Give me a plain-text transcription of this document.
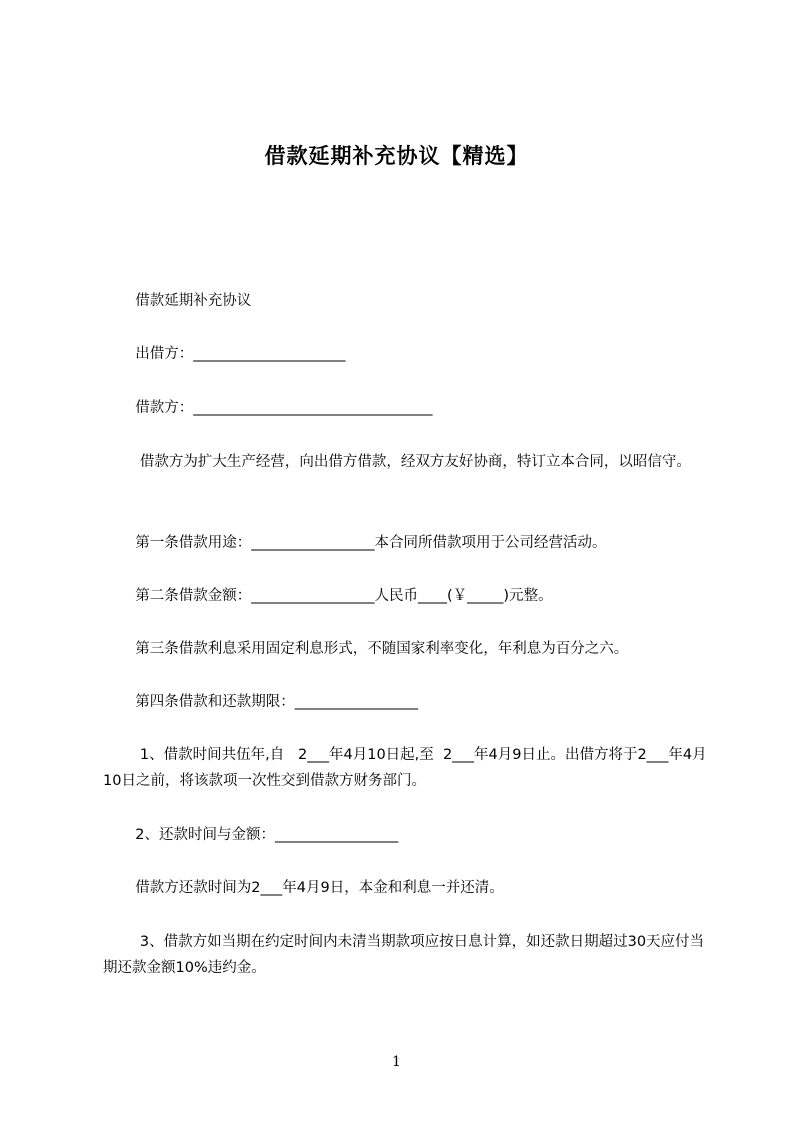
借款延期补充协议【精选】
借款延期补充协议
出借方：_____________________
借款方：_________________________________
借款方为扩大生产经营，向出借方借款，经双方友好协商，特订立本合同，以昭信守。
第一条借款用途：_________________本合同所借款项用于公司经营活动。
第二条借款金额：_________________人民币____(￥_____)元整。
第三条借款利息采用固定利息形式，不随国家利率变化，年利息为百分之六。
第四条借款和还款期限：_________________
1、借款时间共伍年,自   2___年4月10日起,至  2___年4月9日止。出借方将于2___年4月10日之前，将该款项一次性交到借款方财务部门。
2、还款时间与金额：_________________
借款方还款时间为2___年4月9日，本金和利息一并还清。
3、借款方如当期在约定时间内未清当期款项应按日息计算，如还款日期超过30天应付当期还款金额10%违约金。
1
